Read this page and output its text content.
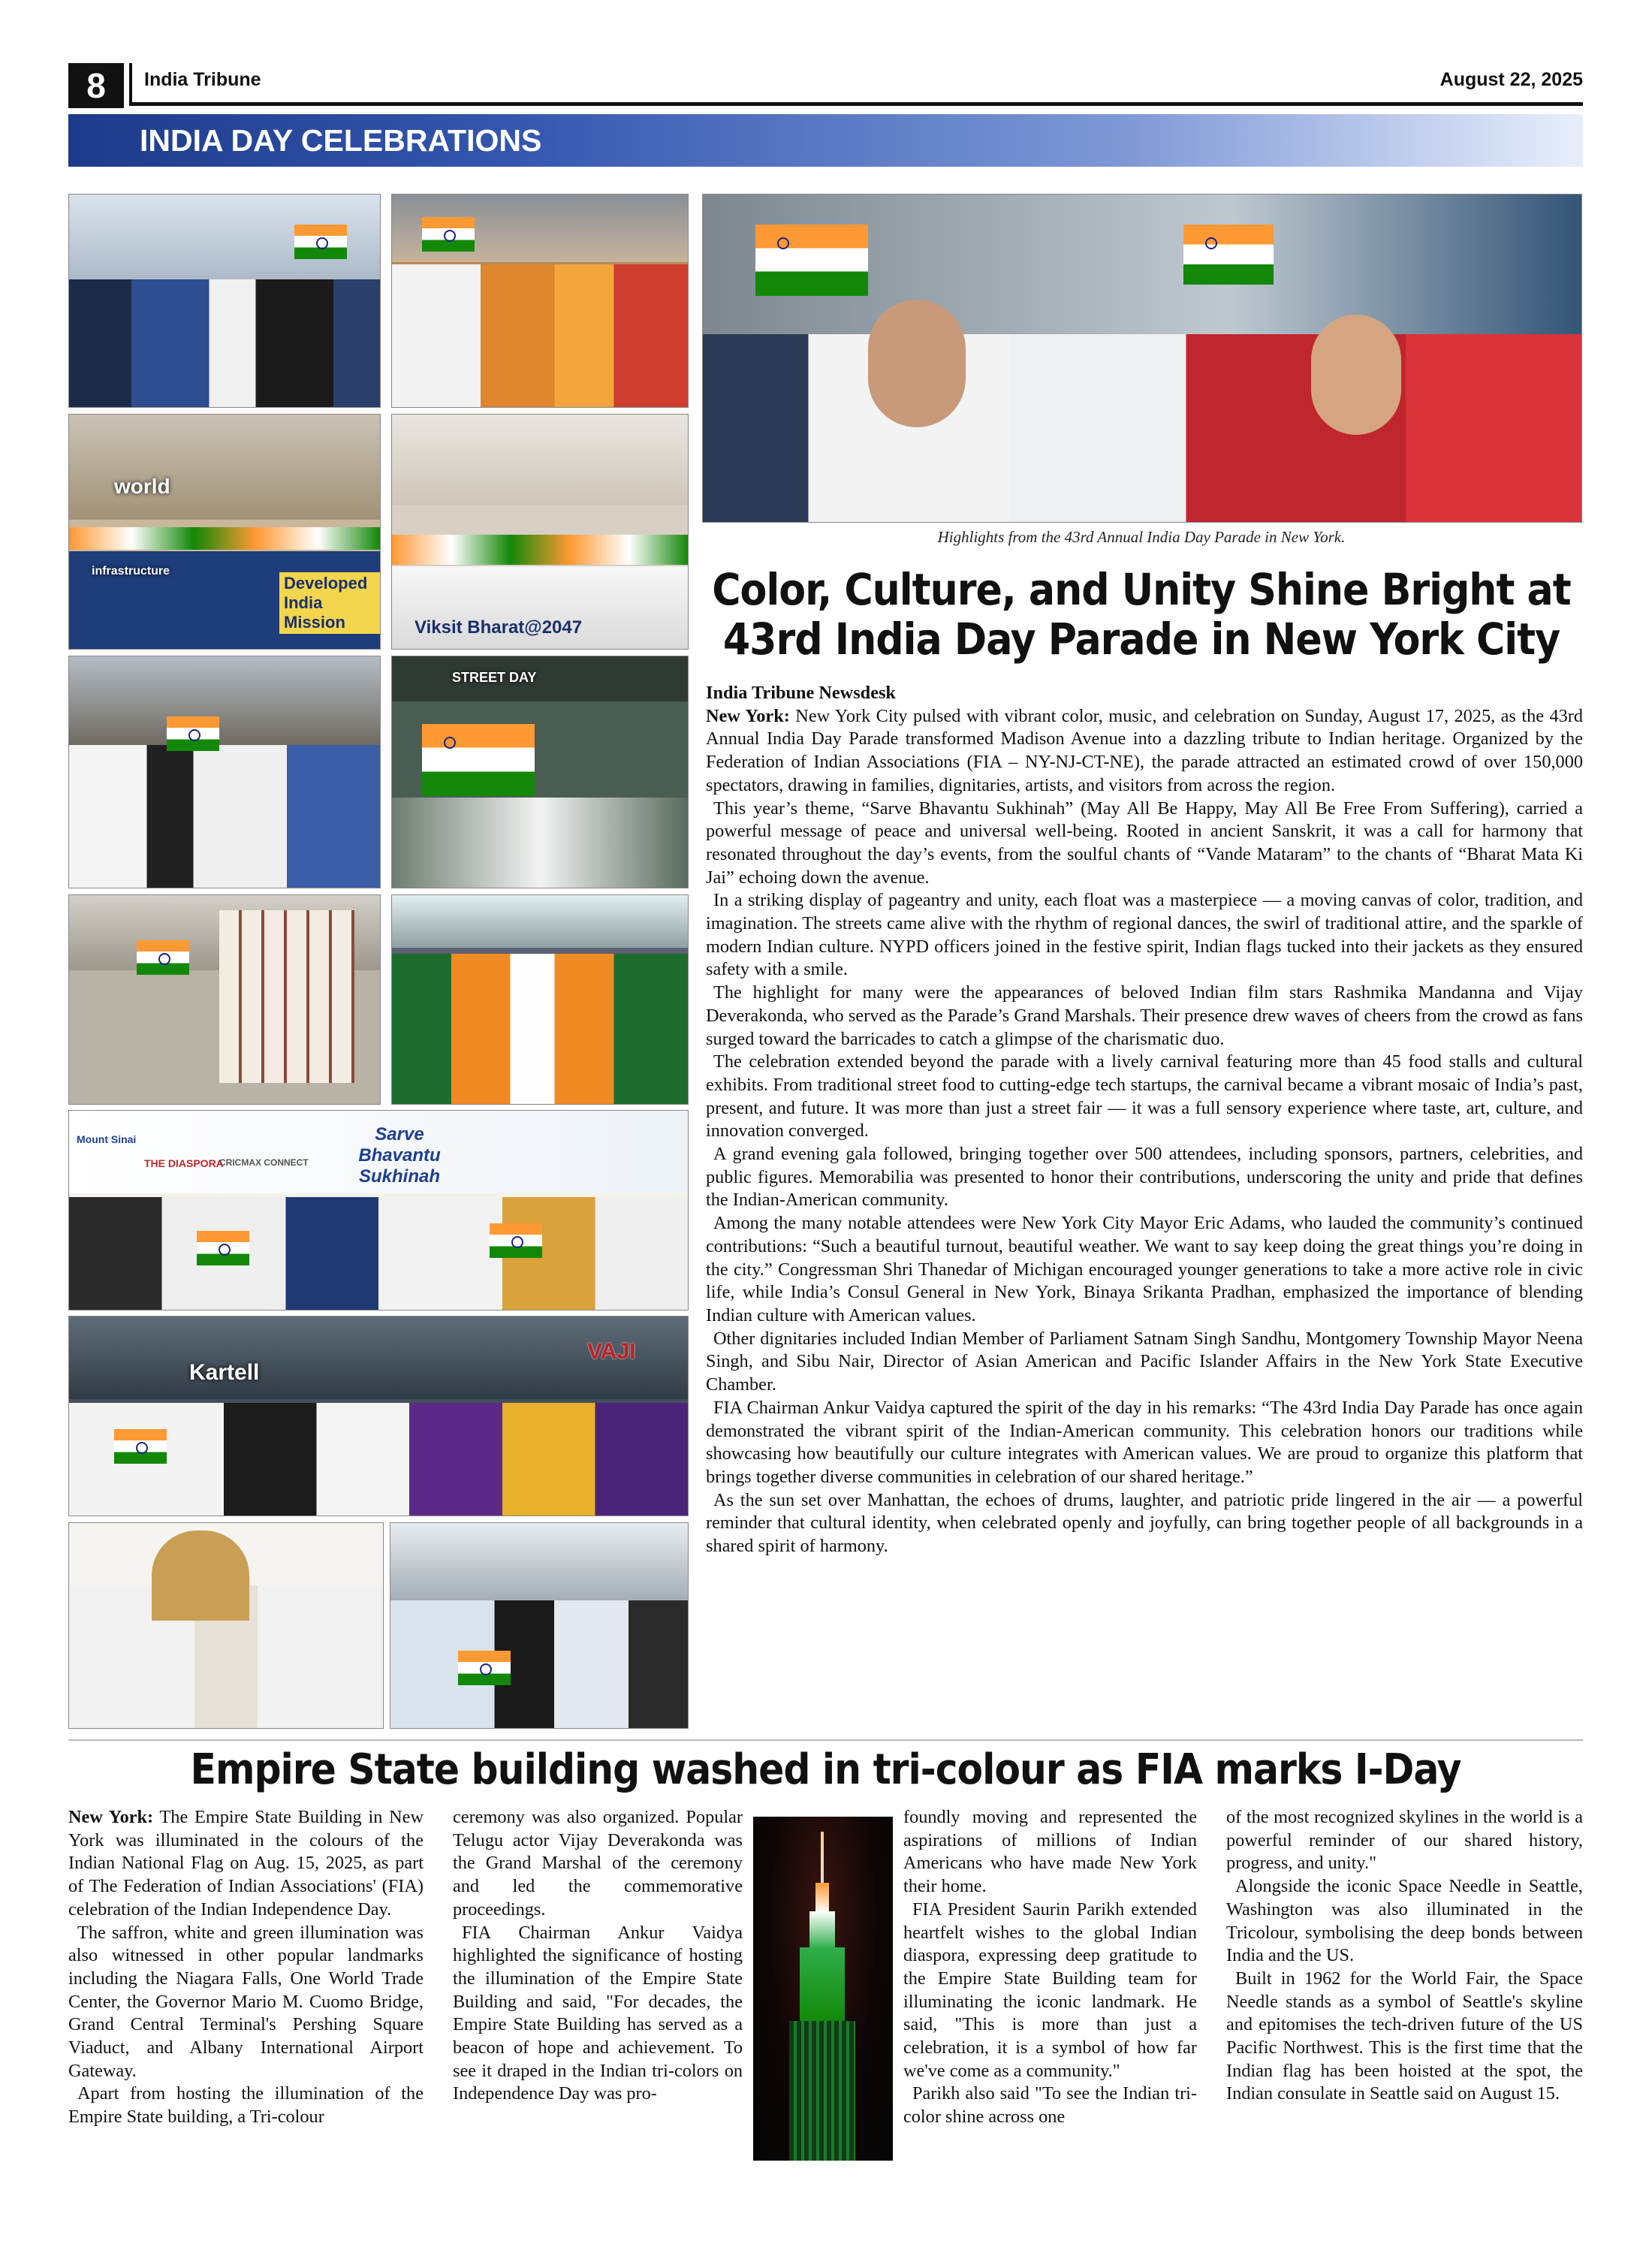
8	India Tribune	August 22, 2025
INDIA DAY CELEBRATIONS
Developed India Mission
world
infrastructure
Viksit Bharat@2047
STREET DAY
Sarve Bhavantu Sukhinah
Mount Sinai
THE DIASPORA
CRICMAX CONNECT
Kartell
VAJI
Highlights from the 43rd Annual India Day Parade in New York.
Color, Culture, and Unity Shine Bright at
43rd India Day Parade in New York City

India Tribune Newsdesk

New York: New York City pulsed with vibrant color, music, and celebration on Sunday, August 17, 2025, as the 43rd Annual India Day Parade transformed Madison Avenue into a dazzling tribute to Indian heritage. Organized by the Federation of Indian Associations (FIA – NY-NJ-CT-NE), the parade attracted an estimated crowd of over 150,000 spectators, drawing in families, dignitaries, artists, and visitors from across the region.

This year’s theme, “Sarve Bhavantu Sukhinah” (May All Be Happy, May All Be Free From Suffering), carried a powerful message of peace and universal well-being. Rooted in ancient Sanskrit, it was a call for harmony that resonated throughout the day’s events, from the soulful chants of “Vande Mataram” to the chants of “Bharat Mata Ki Jai” echoing down the avenue.

In a striking display of pageantry and unity, each float was a masterpiece — a moving canvas of color, tradition, and imagination. The streets came alive with the rhythm of regional dances, the swirl of traditional attire, and the sparkle of modern Indian culture. NYPD officers joined in the festive spirit, Indian flags tucked into their jackets as they ensured safety with a smile.

The highlight for many were the appearances of beloved Indian film stars Rashmika Mandanna and Vijay Deverakonda, who served as the Parade’s Grand Marshals. Their presence drew waves of cheers from the crowd as fans surged toward the barricades to catch a glimpse of the charismatic duo.

The celebration extended beyond the parade with a lively carnival featuring more than 45 food stalls and cultural exhibits. From traditional street food to cutting-edge tech startups, the carnival became a vibrant mosaic of India’s past, present, and future. It was more than just a street fair — it was a full sensory experience where taste, art, culture, and innovation converged.

A grand evening gala followed, bringing together over 500 attendees, including sponsors, partners, celebrities, and public figures. Memorabilia was presented to honor their contributions, underscoring the unity and pride that defines the Indian-American community.

Among the many notable attendees were New York City Mayor Eric Adams, who lauded the community’s continued contributions: “Such a beautiful turnout, beautiful weather. We want to say keep doing the great things you’re doing in the city.” Congressman Shri Thanedar of Michigan encouraged younger generations to take a more active role in civic life, while India’s Consul General in New York, Binaya Srikanta Pradhan, emphasized the importance of blending Indian culture with American values.

Other dignitaries included Indian Member of Parliament Satnam Singh Sandhu, Montgomery Township Mayor Neena Singh, and Sibu Nair, Director of Asian American and Pacific Islander Affairs in the New York State Executive Chamber.

FIA Chairman Ankur Vaidya captured the spirit of the day in his remarks: “The 43rd India Day Parade has once again demonstrated the vibrant spirit of the Indian-American community. This celebration honors our traditions while showcasing how beautifully our culture integrates with American values. We are proud to organize this platform that brings together diverse communities in celebration of our shared heritage.”

As the sun set over Manhattan, the echoes of drums, laughter, and patriotic pride lingered in the air — a powerful reminder that cultural identity, when celebrated openly and joyfully, can bring together people of all backgrounds in a shared spirit of harmony.

Empire State building washed in tri-colour as FIA marks I-Day

New York: The Empire State Building in New York was illuminated in the colours of the Indian National Flag on Aug. 15, 2025, as part of The Federation of Indian Associations' (FIA) celebration of the Indian Independence Day.

The saffron, white and green illumination was also witnessed in other popular landmarks including the Niagara Falls, One World Trade Center, the Governor Mario M. Cuomo Bridge, Grand Central Terminal's Pershing Square Viaduct, and Albany International Airport Gateway.

Apart from hosting the illumination of the Empire State building, a Tri-colour

ceremony was also organized. Popular Telugu actor Vijay Deverakonda was the Grand Marshal of the ceremony and led the commemorative proceedings.

FIA Chairman Ankur Vaidya highlighted the significance of hosting the illumination of the Empire State Building and said, "For decades, the Empire State Building has served as a beacon of hope and achievement. To see it draped in the Indian tri-colors on Independence Day was pro-

foundly moving and represented the aspirations of millions of Indian Americans who have made New York their home.

FIA President Saurin Parikh extended heartfelt wishes to the global Indian diaspora, expressing deep gratitude to the Empire State Building team for illuminating the iconic landmark. He said, "This is more than just a celebration, it is a symbol of how far we've come as a community."

Parikh also said "To see the Indian tri-color shine across one

of the most recognized skylines in the world is a powerful reminder of our shared history, progress, and unity."

Alongside the iconic Space Needle in Seattle, Washington was also illuminated in the Tricolour, symbolising the deep bonds between India and the US.

Built in 1962 for the World Fair, the Space Needle stands as a symbol of Seattle's skyline and epitomises the tech-driven future of the US Pacific Northwest. This is the first time that the Indian flag has been hoisted at the spot, the Indian consulate in Seattle said on August 15.
